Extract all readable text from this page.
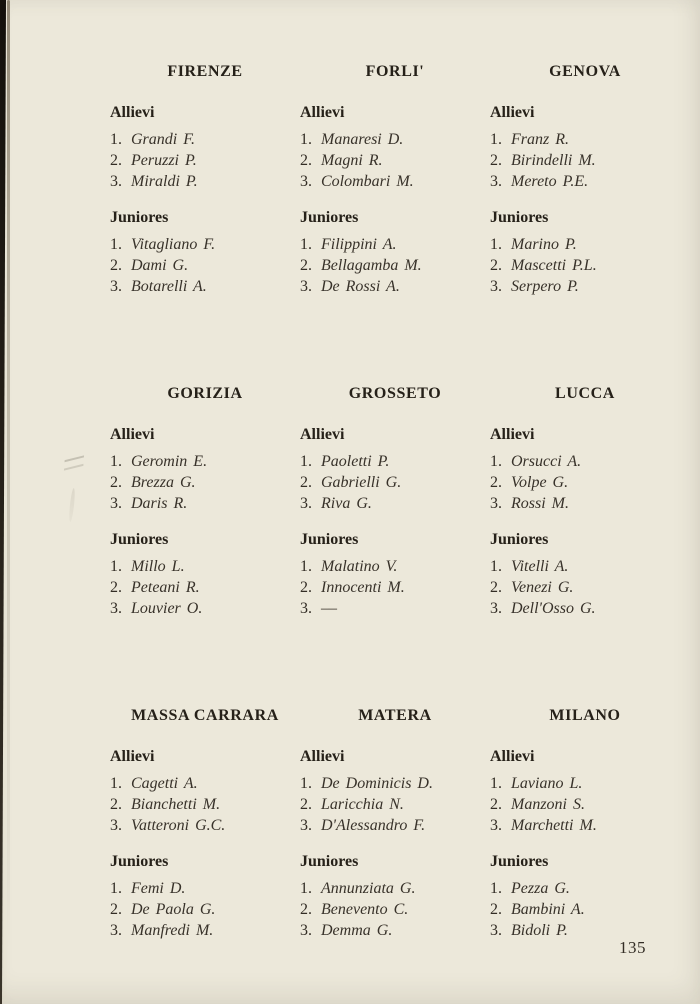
FIRENZE
Allievi
1. Grandi F.
2. Peruzzi P.
3. Miraldi P.
Juniores
1. Vitagliano F.
2. Dami G.
3. Botarelli A.
FORLI'
Allievi
1. Manaresi D.
2. Magni R.
3. Colombari M.
Juniores
1. Filippini A.
2. Bellagamba M.
3. De Rossi A.
GENOVA
Allievi
1. Franz R.
2. Birindelli M.
3. Mereto P.E.
Juniores
1. Marino P.
2. Mascetti P.L.
3. Serpero P.
GORIZIA
Allievi
1. Geromin E.
2. Brezza G.
3. Daris R.
Juniores
1. Millo L.
2. Peteani R.
3. Louvier O.
GROSSETO
Allievi
1. Paoletti P.
2. Gabrielli G.
3. Riva G.
Juniores
1. Malatino V.
2. Innocenti M.
3. ––
LUCCA
Allievi
1. Orsucci A.
2. Volpe G.
3. Rossi M.
Juniores
1. Vitelli A.
2. Venezi G.
3. Dell'Osso G.
MASSA CARRARA
Allievi
1. Cagetti A.
2. Bianchetti M.
3. Vatteroni G.C.
Juniores
1. Femi D.
2. De Paola G.
3. Manfredi M.
MATERA
Allievi
1. De Dominicis D.
2. Laricchia N.
3. D'Alessandro F.
Juniores
1. Annunziata G.
2. Benevento C.
3. Demma G.
MILANO
Allievi
1. Laviano L.
2. Manzoni S.
3. Marchetti M.
Juniores
1. Pezza G.
2. Bambini A.
3. Bidoli P.
135
